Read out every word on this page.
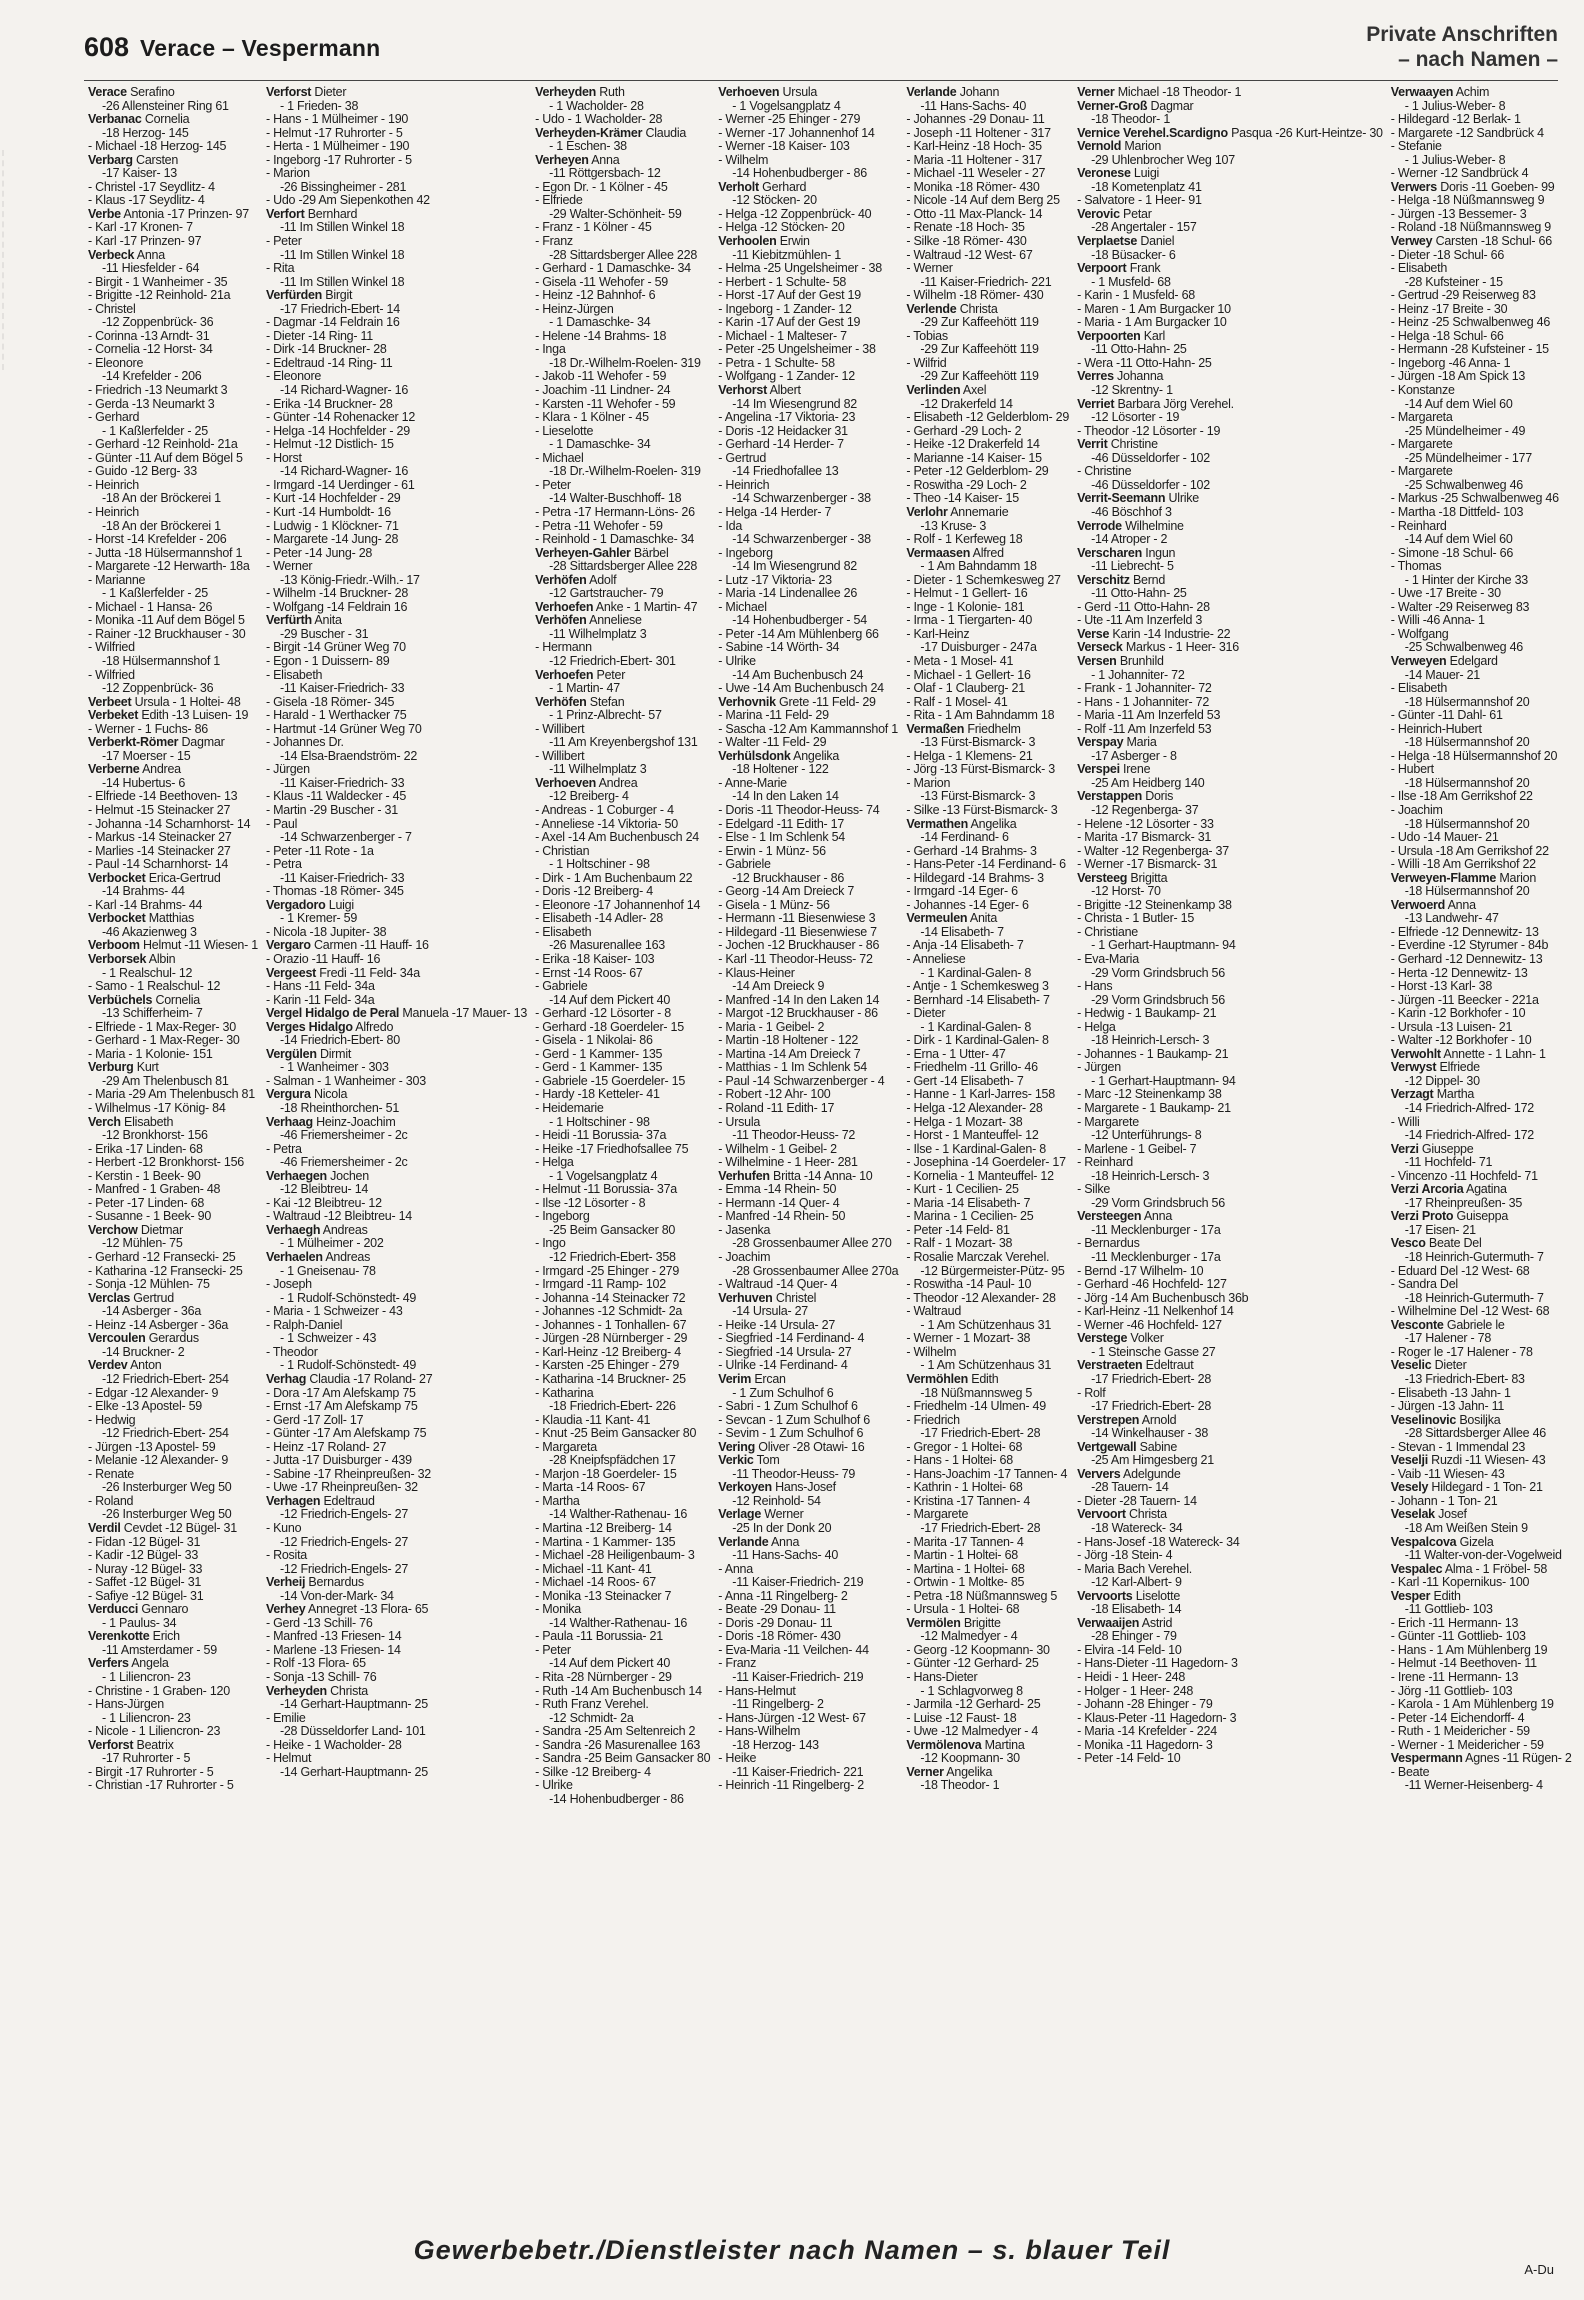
608 Verace – Vespermann
Private Anschriften
– nach Namen –
Verace Serafino
-26 Allensteiner Ring 61
Verbanac Cornelia
-18 Herzog- 145
- Michael -18 Herzog- 145
Verbarg Carsten
-17 Kaiser- 13
- Christel -17 Seydlitz- 4
- Klaus -17 Seydlitz- 4
Verbe Antonia -17 Prinzen- 97
- Karl -17 Kronen- 7
- Karl -17 Prinzen- 97
Verbeck Anna
-11 Hiesfelder - 64
- Birgit - 1 Wanheimer - 35
- Brigitte -12 Reinhold- 21a
- Christel
-12 Zoppenbrück- 36
- Corinna -13 Arndt- 31
- Cornelia -12 Horst- 34
- Eleonore
-14 Krefelder - 206
- Friedrich -13 Neumarkt 3
- Gerda -13 Neumarkt 3
- Gerhard
- 1 Kaßlerfelder - 25
- Gerhard -12 Reinhold- 21a
- Günter -11 Auf dem Bögel 5
- Guido -12 Berg- 33
- Heinrich
-18 An der Bröckerei 1
- Heinrich
-18 An der Bröckerei 1
- Horst -14 Krefelder - 206
- Jutta -18 Hülsermannshof 1
- Margarete -12 Herwarth- 18a
- Marianne
- 1 Kaßlerfelder - 25
- Michael - 1 Hansa- 26
- Monika -11 Auf dem Bögel 5
- Rainer -12 Bruckhauser - 30
- Wilfried
-18 Hülsermannshof 1
- Wilfried
-12 Zoppenbrück- 36
Verbeet Ursula - 1 Holtei- 48
Verbeket Edith -13 Luisen- 19
- Werner - 1 Fuchs- 86
Verberkt-Römer Dagmar
-17 Moerser - 15
Verberne Andrea
-14 Hubertus- 6
- Elfriede -14 Beethoven- 13
- Helmut -15 Steinacker 27
- Johanna -14 Scharnhorst- 14
- Markus -14 Steinacker 27
- Marlies -14 Steinacker 27
- Paul -14 Scharnhorst- 14
Verbocket Erica-Gertrud
-14 Brahms- 44
- Karl -14 Brahms- 44
Verbocket Matthias
-46 Akazienweg 3
Verboom Helmut -11 Wiesen- 1
Verborsek Albin
- 1 Realschul- 12
- Samo - 1 Realschul- 12
Verbüchels Cornelia
-13 Schifferheim- 7
- Elfriede - 1 Max-Reger- 30
- Gerhard - 1 Max-Reger- 30
- Maria - 1 Kolonie- 151
Verburg Kurt
-29 Am Thelenbusch 81
- Maria -29 Am Thelenbusch 81
- Wilhelmus -17 König- 84
Verch Elisabeth
-12 Bronkhorst- 156
- Erika -17 Linden- 68
- Herbert -12 Bronkhorst- 156
- Kerstin - 1 Beek- 90
- Manfred - 1 Graben- 48
- Peter -17 Linden- 68
- Susanne - 1 Beek- 90
Verchow Dietmar
-12 Mühlen- 75
- Gerhard -12 Fransecki- 25
- Katharina -12 Fransecki- 25
- Sonja -12 Mühlen- 75
Verclas Gertrud
-14 Asberger - 36a
- Heinz -14 Asberger - 36a
Vercoulen Gerardus
-14 Bruckner- 2
Verdev Anton
-12 Friedrich-Ebert- 254
- Edgar -12 Alexander- 9
- Elke -13 Apostel- 59
- Hedwig
-12 Friedrich-Ebert- 254
- Jürgen -13 Apostel- 59
- Melanie -12 Alexander- 9
- Renate
-26 Insterburger Weg 50
- Roland
-26 Insterburger Weg 50
Verdil Cevdet -12 Bügel- 31
- Fidan -12 Bügel- 31
- Kadir -12 Bügel- 33
- Nuray -12 Bügel- 33
- Saffet -12 Bügel- 31
- Safiye -12 Bügel- 31
Verducci Gennaro
- 1 Paulus- 34
Verenkotte Erich
-11 Amsterdamer - 59
Verfers Angela
- 1 Liliencron- 23
- Christine - 1 Graben- 120
- Hans-Jürgen
- 1 Liliencron- 23
- Nicole - 1 Liliencron- 23
Verforst Beatrix
-17 Ruhrorter - 5
- Birgit -17 Ruhrorter - 5
- Christian -17 Ruhrorter - 5
Verforst Dieter
- 1 Frieden- 38
- Hans - 1 Mülheimer - 190
- Helmut -17 Ruhrorter - 5
- Herta - 1 Mülheimer - 190
- Ingeborg -17 Ruhrorter - 5
- Marion
-26 Bissingheimer - 281
- Udo -29 Am Siepenkothen 42
Verfort Bernhard
-11 Im Stillen Winkel 18
- Peter
-11 Im Stillen Winkel 18
- Rita
-11 Im Stillen Winkel 18
Verfürden Birgit
-17 Friedrich-Ebert- 14
- Dagmar -14 Feldrain 16
- Dieter -14 Ring- 11
- Dirk -14 Bruckner- 28
- Edeltraud -14 Ring- 11
- Eleonore
-14 Richard-Wagner- 16
- Erika -14 Bruckner- 28
- Günter -14 Rohenacker 12
- Helga -14 Hochfelder - 29
- Helmut -12 Distlich- 15
- Horst
-14 Richard-Wagner- 16
- Irmgard -14 Uerdinger - 61
- Kurt -14 Hochfelder - 29
- Kurt -14 Humboldt- 16
- Ludwig - 1 Klöckner- 71
- Margarete -14 Jung- 28
- Peter -14 Jung- 28
- Werner
-13 König-Friedr.-Wilh.- 17
- Wilhelm -14 Bruckner- 28
- Wolfgang -14 Feldrain 16
Verfürth Anita
-29 Buscher - 31
- Birgit -14 Grüner Weg 70
- Egon - 1 Duissern- 89
- Elisabeth
-11 Kaiser-Friedrich- 33
- Gisela -18 Römer- 345
- Harald - 1 Werthacker 75
- Hartmut -14 Grüner Weg 70
- Johannes Dr.
-14 Elsa-Braendström- 22
- Jürgen
-11 Kaiser-Friedrich- 33
- Klaus -11 Waldecker - 45
- Martin -29 Buscher - 31
- Paul
-14 Schwarzenberger - 7
- Peter -11 Rote - 1a
- Petra
-11 Kaiser-Friedrich- 33
- Thomas -18 Römer- 345
Vergadoro Luigi
- 1 Kremer- 59
- Nicola -18 Jupiter- 38
Vergaro Carmen -11 Hauff- 16
- Orazio -11 Hauff- 16
Vergeest Fredi -11 Feld- 34a
- Hans -11 Feld- 34a
- Karin -11 Feld- 34a
Vergel Hidalgo de Peral Manuela -17 Mauer- 13
Verges Hidalgo Alfredo
-14 Friedrich-Ebert- 80
Vergülen Dirmit
- 1 Wanheimer - 303
- Salman - 1 Wanheimer - 303
Vergura Nicola
-18 Rheinthorchen- 51
Verhaag Heinz-Joachim
-46 Friemersheimer - 2c
- Petra
-46 Friemersheimer - 2c
Verhaegen Jochen
-12 Bleibtreu- 14
- Kai -12 Bleibtreu- 12
- Waltraud -12 Bleibtreu- 14
Verhaegh Andreas
- 1 Mülheimer - 202
Verhaelen Andreas
- 1 Gneisenau- 78
- Joseph
- 1 Rudolf-Schönstedt- 49
- Maria - 1 Schweizer - 43
- Ralph-Daniel
- 1 Schweizer - 43
- Theodor
- 1 Rudolf-Schönstedt- 49
Verhag Claudia -17 Roland- 27
- Dora -17 Am Alefskamp 75
- Ernst -17 Am Alefskamp 75
- Gerd -17 Zoll- 17
- Günter -17 Am Alefskamp 75
- Heinz -17 Roland- 27
- Jutta -17 Duisburger - 439
- Sabine -17 Rheinpreußen- 32
- Uwe -17 Rheinpreußen- 32
Verhagen Edeltraud
-12 Friedrich-Engels- 27
- Kuno
-12 Friedrich-Engels- 27
- Rosita
-12 Friedrich-Engels- 27
Verheij Bernardus
-14 Von-der-Mark- 34
Verhey Annegret -13 Flora- 65
- Gerd -13 Schill- 76
- Manfred -13 Friesen- 14
- Marlene -13 Friesen- 14
- Rolf -13 Flora- 65
- Sonja -13 Schill- 76
Verheyden Christa
-14 Gerhart-Hauptmann- 25
- Emilie
-28 Düsseldorfer Land- 101
- Heike - 1 Wacholder- 28
- Helmut
-14 Gerhart-Hauptmann- 25
Verheyden Ruth
- 1 Wacholder- 28
- Udo - 1 Wacholder- 28
Verheyden-Krämer Claudia
- 1 Eschen- 38
Verheyen Anna
-11 Röttgersbach- 12
- Egon Dr. - 1 Kölner - 45
- Elfriede
-29 Walter-Schönheit- 59
- Franz - 1 Kölner - 45
- Franz
-28 Sittardsberger Allee 228
- Gerhard - 1 Damaschke- 34
- Gisela -11 Wehofer - 59
- Heinz -12 Bahnhof- 6
- Heinz-Jürgen
- 1 Damaschke- 34
- Helene -14 Brahms- 18
- Inga
-18 Dr.-Wilhelm-Roelen- 319
- Jakob -11 Wehofer - 59
- Joachim -11 Lindner- 24
- Karsten -11 Wehofer - 59
- Klara - 1 Kölner - 45
- Lieselotte
- 1 Damaschke- 34
- Michael
-18 Dr.-Wilhelm-Roelen- 319
- Peter
-14 Walter-Buschhoff- 18
- Petra -17 Hermann-Löns- 26
- Petra -11 Wehofer - 59
- Reinhold - 1 Damaschke- 34
Verheyen-Gahler Bärbel
-28 Sittardsberger Allee 228
Verhöfen Adolf
-12 Gartstraucher- 79
Verhoefen Anke - 1 Martin- 47
Verhöfen Anneliese
-11 Wilhelmplatz 3
- Hermann
-12 Friedrich-Ebert- 301
Verhoefen Peter
- 1 Martin- 47
Verhöfen Stefan
- 1 Prinz-Albrecht- 57
- Willibert
-11 Am Kreyenbergshof 131
- Willibert
-11 Wilhelmplatz 3
Verhoeven Andrea
-12 Breiberg- 4
- Andreas - 1 Coburger - 4
- Anneliese -14 Viktoria- 50
- Axel -14 Am Buchenbusch 24
- Christian
- 1 Holtschiner - 98
- Dirk - 1 Am Buchenbaum 22
- Doris -12 Breiberg- 4
- Eleonore -17 Johannenhof 14
- Elisabeth -14 Adler- 28
- Elisabeth
-26 Masurenallee 163
- Erika -18 Kaiser- 103
- Ernst -14 Roos- 67
- Gabriele
-14 Auf dem Pickert 40
- Gerhard -12 Lösorter - 8
- Gerhard -18 Goerdeler- 15
- Gisela - 1 Nikolai- 86
- Gerd - 1 Kammer- 135
- Gerd - 1 Kammer- 135
- Gabriele -15 Goerdeler- 15
- Hardy -18 Ketteler- 41
- Heidemarie
- 1 Holtschiner - 98
- Heidi -11 Borussia- 37a
- Heike -17 Friedhofsallee 75
- Helga
- 1 Vogelsangplatz 4
- Helmut -11 Borussia- 37a
- Ilse -12 Lösorter - 8
- Ingeborg
-25 Beim Gansacker 80
- Ingo
-12 Friedrich-Ebert- 358
- Irmgard -25 Ehinger - 279
- Irmgard -11 Ramp- 102
- Johanna -14 Steinacker 72
- Johannes -12 Schmidt- 2a
- Johannes - 1 Tonhallen- 67
- Jürgen -28 Nürnberger - 29
- Karl-Heinz -12 Breiberg- 4
- Karsten -25 Ehinger - 279
- Katharina -14 Bruckner- 25
- Katharina
-18 Friedrich-Ebert- 226
- Klaudia -11 Kant- 41
- Knut -25 Beim Gansacker 80
- Margareta
-28 Kneipfspfädchen 17
- Marjon -18 Goerdeler- 15
- Marta -14 Roos- 67
- Martha
-14 Walther-Rathenau- 16
- Martina -12 Breiberg- 14
- Martina - 1 Kammer- 135
- Michael -28 Heiligenbaum- 3
- Michael -11 Kant- 41
- Michael -14 Roos- 67
- Monika -13 Steinacker 7
- Monika
-14 Walther-Rathenau- 16
- Paula -11 Borussia- 21
- Peter
-14 Auf dem Pickert 40
- Rita -28 Nürnberger - 29
- Ruth -14 Am Buchenbusch 14
- Ruth Franz Verehel.
-12 Schmidt- 2a
- Sandra -25 Am Seltenreich 2
- Sandra -26 Masurenallee 163
- Sandra -25 Beim Gansacker 80
- Silke -12 Breiberg- 4
- Ulrike
-14 Hohenbudberger - 86
Verhoeven Ursula
- 1 Vogelsangplatz 4
- Werner -25 Ehinger - 279
- Werner -17 Johannenhof 14
- Werner -18 Kaiser- 103
- Wilhelm
-14 Hohenbudberger - 86
Verholt Gerhard
-12 Stöcken- 20
- Helga -12 Zoppenbrück- 40
- Helga -12 Stöcken- 20
Verhoolen Erwin
-11 Kiebitzmühlen- 1
- Helma -25 Ungelsheimer - 38
- Herbert - 1 Schulte- 58
- Horst -17 Auf der Gest 19
- Ingeborg - 1 Zander- 12
- Karin -17 Auf der Gest 19
- Michael - 1 Malteser- 7
- Peter -25 Ungelsheimer - 38
- Petra - 1 Schulte- 58
- Wolfgang - 1 Zander- 12
Verhorst Albert
-14 Im Wiesengrund 82
- Angelina -17 Viktoria- 23
- Doris -12 Heidacker 31
- Gerhard -14 Herder- 7
- Gertrud
-14 Friedhofallee 13
- Heinrich
-14 Schwarzenberger - 38
- Helga -14 Herder- 7
- Ida
-14 Schwarzenberger - 38
- Ingeborg
-14 Im Wiesengrund 82
- Lutz -17 Viktoria- 23
- Maria -14 Lindenallee 26
- Michael
-14 Hohenbudberger - 54
- Peter -14 Am Mühlenberg 66
- Sabine -14 Wörth- 34
- Ulrike
-14 Am Buchenbusch 24
- Uwe -14 Am Buchenbusch 24
Verhovnik Grete -11 Feld- 29
- Marina -11 Feld- 29
- Sascha -12 Am Kammannshof 1
- Walter -11 Feld- 29
Verhülsdonk Angelika
-18 Holtener - 122
- Anne-Marie
-14 In den Laken 14
- Doris -11 Theodor-Heuss- 74
- Edelgard -11 Edith- 17
- Else - 1 Im Schlenk 54
- Erwin - 1 Münz- 56
- Gabriele
-12 Bruckhauser - 86
- Georg -14 Am Dreieck 7
- Gisela - 1 Münz- 56
- Hermann -11 Biesenwiese 3
- Hildegard -11 Biesenwiese 7
- Jochen -12 Bruckhauser - 86
- Karl -11 Theodor-Heuss- 72
- Klaus-Heiner
-14 Am Dreieck 9
- Manfred -14 In den Laken 14
- Margot -12 Bruckhauser - 86
- Maria - 1 Geibel- 2
- Martin -18 Holtener - 122
- Martina -14 Am Dreieck 7
- Matthias - 1 Im Schlenk 54
- Paul -14 Schwarzenberger - 4
- Robert -12 Ahr- 100
- Roland -11 Edith- 17
- Ursula
-11 Theodor-Heuss- 72
- Wilhelm - 1 Geibel- 2
- Wilhelmine - 1 Heer- 281
Verhufen Britta -14 Anna- 10
- Emma -14 Rhein- 50
- Hermann -14 Quer- 4
- Manfred -14 Rhein- 50
- Jasenka
-28 Grossenbaumer Allee 270
- Joachim
-28 Grossenbaumer Allee 270a
- Waltraud -14 Quer- 4
Verhuven Christel
-14 Ursula- 27
- Heike -14 Ursula- 27
- Siegfried -14 Ferdinand- 4
- Siegfried -14 Ursula- 27
- Ulrike -14 Ferdinand- 4
Verim Ercan
- 1 Zum Schulhof 6
- Sabri - 1 Zum Schulhof 6
- Sevcan - 1 Zum Schulhof 6
- Sevim - 1 Zum Schulhof 6
Vering Oliver -28 Otawi- 16
Verkic Tom
-11 Theodor-Heuss- 79
Verkoyen Hans-Josef
-12 Reinhold- 54
Verlage Werner
-25 In der Donk 20
Verlande Anna
-11 Hans-Sachs- 40
- Anna
-11 Kaiser-Friedrich- 219
- Anna -11 Ringelberg- 2
- Beate -29 Donau- 11
- Doris -29 Donau- 11
- Doris -18 Römer- 430
- Eva-Maria -11 Veilchen- 44
- Franz
-11 Kaiser-Friedrich- 219
- Hans-Helmut
-11 Ringelberg- 2
- Hans-Jürgen -12 West- 67
- Hans-Wilhelm
-18 Herzog- 143
- Heike
-11 Kaiser-Friedrich- 221
- Heinrich -11 Ringelberg- 2
Verlande Johann
-11 Hans-Sachs- 40
- Johannes -29 Donau- 11
- Joseph -11 Holtener - 317
- Karl-Heinz -18 Hoch- 35
- Maria -11 Holtener - 317
- Michael -11 Weseler - 27
- Monika -18 Römer- 430
- Nicole -14 Auf dem Berg 25
- Otto -11 Max-Planck- 14
- Renate -18 Hoch- 35
- Silke -18 Römer- 430
- Waltraud -12 West- 67
- Werner
-11 Kaiser-Friedrich- 221
- Wilhelm -18 Römer- 430
Verlende Christa
-29 Zur Kaffeehött 119
- Tobias
-29 Zur Kaffeehött 119
- Wilfrid
-29 Zur Kaffeehött 119
Verlinden Axel
-12 Drakerfeld 14
- Elisabeth -12 Gelderblom- 29
- Gerhard -29 Loch- 2
- Heike -12 Drakerfeld 14
- Marianne -14 Kaiser- 15
- Peter -12 Gelderblom- 29
- Roswitha -29 Loch- 2
- Theo -14 Kaiser- 15
Verlohr Annemarie
-13 Kruse- 3
- Rolf - 1 Kerfeweg 18
Vermaasen Alfred
- 1 Am Bahndamm 18
- Dieter - 1 Schemkesweg 27
- Helmut - 1 Gellert- 16
- Inge - 1 Kolonie- 181
- Irma - 1 Tiergarten- 40
- Karl-Heinz
-17 Duisburger - 247a
- Meta - 1 Mosel- 41
- Michael - 1 Gellert- 16
- Olaf - 1 Clauberg- 21
- Ralf - 1 Mosel- 41
- Rita - 1 Am Bahndamm 18
Vermaßen Friedhelm
-13 Fürst-Bismarck- 3
- Helga - 1 Klemens- 21
- Jörg -13 Fürst-Bismarck- 3
- Marion
-13 Fürst-Bismarck- 3
- Silke -13 Fürst-Bismarck- 3
Vermathen Angelika
-14 Ferdinand- 6
- Gerhard -14 Brahms- 3
- Hans-Peter -14 Ferdinand- 6
- Hildegard -14 Brahms- 3
- Irmgard -14 Eger- 6
- Johannes -14 Eger- 6
Vermeulen Anita
-14 Elisabeth- 7
- Anja -14 Elisabeth- 7
- Anneliese
- 1 Kardinal-Galen- 8
- Antje - 1 Schemkesweg 3
- Bernhard -14 Elisabeth- 7
- Dieter
- 1 Kardinal-Galen- 8
- Dirk - 1 Kardinal-Galen- 8
- Erna - 1 Utter- 47
- Friedhelm -11 Grillo- 46
- Gert -14 Elisabeth- 7
- Hanne - 1 Karl-Jarres- 158
- Helga -12 Alexander- 28
- Helga - 1 Mozart- 38
- Horst - 1 Manteuffel- 12
- Ilse - 1 Kardinal-Galen- 8
- Josephina -14 Goerdeler- 17
- Kornelia - 1 Manteuffel- 12
- Kurt - 1 Cecilien- 25
- Maria -14 Elisabeth- 7
- Marina - 1 Cecilien- 25
- Peter -14 Feld- 81
- Ralf - 1 Mozart- 38
- Rosalie Marczak Verehel.
-12 Bürgermeister-Pütz- 95
- Roswitha -14 Paul- 10
- Theodor -12 Alexander- 28
- Waltraud
- 1 Am Schützenhaus 31
- Werner - 1 Mozart- 38
- Wilhelm
- 1 Am Schützenhaus 31
Vermöhlen Edith
-18 Nüßmannsweg 5
- Friedhelm -14 Ulmen- 49
- Friedrich
-17 Friedrich-Ebert- 28
- Gregor - 1 Holtei- 68
- Hans - 1 Holtei- 68
- Hans-Joachim -17 Tannen- 4
- Kathrin - 1 Holtei- 68
- Kristina -17 Tannen- 4
- Margarete
-17 Friedrich-Ebert- 28
- Marita -17 Tannen- 4
- Martin - 1 Holtei- 68
- Martina - 1 Holtei- 68
- Ortwin - 1 Moltke- 85
- Petra -18 Nüßmannsweg 5
- Ursula - 1 Holtei- 68
Vermölen Brigitte
-12 Malmedyer - 4
- Georg -12 Koopmann- 30
- Günter -12 Gerhard- 25
- Hans-Dieter
- 1 Schlagvorweg 8
- Jarmila -12 Gerhard- 25
- Luise -12 Faust- 18
- Uwe -12 Malmedyer - 4
Vermölenova Martina
-12 Koopmann- 30
Verner Angelika
-18 Theodor- 1
Verner Michael -18 Theodor- 1
Verner-Groß Dagmar
-18 Theodor- 1
Vernice Verehel.Scardigno Pasqua -26 Kurt-Heintze- 30
Vernold Marion
-29 Uhlenbrocher Weg 107
Veronese Luigi
-18 Kometenplatz 41
- Salvatore - 1 Heer- 91
Verovic Petar
-28 Angertaler - 157
Verplaetse Daniel
-18 Büsacker- 6
Verpoort Frank
- 1 Musfeld- 68
- Karin - 1 Musfeld- 68
- Maren - 1 Am Burgacker 10
- Maria - 1 Am Burgacker 10
Verpoorten Karl
-11 Otto-Hahn- 25
- Wera -11 Otto-Hahn- 25
Verres Johanna
-12 Skrentny- 1
Verriet Barbara Jörg Verehel.
-12 Lösorter - 19
- Theodor -12 Lösorter - 19
Verrit Christine
-46 Düsseldorfer - 102
- Christine
-46 Düsseldorfer - 102
Verrit-Seemann Ulrike
-46 Böschhof 3
Verrode Wilhelmine
-14 Atroper - 2
Verscharen Ingun
-11 Liebrecht- 5
Verschitz Bernd
-11 Otto-Hahn- 25
- Gerd -11 Otto-Hahn- 28
- Ute -11 Am Inzerfeld 3
Verse Karin -14 Industrie- 22
Verseck Markus - 1 Heer- 316
Versen Brunhild
- 1 Johanniter- 72
- Frank - 1 Johanniter- 72
- Hans - 1 Johanniter- 72
- Maria -11 Am Inzerfeld 53
- Rolf -11 Am Inzerfeld 53
Verspay Maria
-17 Asberger - 8
Verspei Irene
-25 Am Heidberg 140
Verstappen Doris
-12 Regenberga- 37
- Helene -12 Lösorter - 33
- Marita -17 Bismarck- 31
- Walter -12 Regenberga- 37
- Werner -17 Bismarck- 31
Versteeg Brigitta
-12 Horst- 70
- Brigitte -12 Steinenkamp 38
- Christa - 1 Butler- 15
- Christiane
- 1 Gerhart-Hauptmann- 94
- Eva-Maria
-29 Vorm Grindsbruch 56
- Hans
-29 Vorm Grindsbruch 56
- Hedwig - 1 Baukamp- 21
- Helga
-18 Heinrich-Lersch- 3
- Johannes - 1 Baukamp- 21
- Jürgen
- 1 Gerhart-Hauptmann- 94
- Marc -12 Steinenkamp 38
- Margarete - 1 Baukamp- 21
- Margarete
-12 Unterführungs- 8
- Marlene - 1 Geibel- 7
- Reinhard
-18 Heinrich-Lersch- 3
- Silke
-29 Vorm Grindsbruch 56
Versteegen Anna
-11 Mecklenburger - 17a
- Bernardus
-11 Mecklenburger - 17a
- Bernd -17 Wilhelm- 10
- Gerhard -46 Hochfeld- 127
- Jörg -14 Am Buchenbusch 36b
- Karl-Heinz -11 Nelkenhof 14
- Werner -46 Hochfeld- 127
Verstege Volker
- 1 Steinsche Gasse 27
Verstraeten Edeltraut
-17 Friedrich-Ebert- 28
- Rolf
-17 Friedrich-Ebert- 28
Verstrepen Arnold
-14 Winkelhauser - 38
Vertgewall Sabine
-25 Am Himgesberg 21
Ververs Adelgunde
-28 Tauern- 14
- Dieter -28 Tauern- 14
Vervoort Christa
-18 Watereck- 34
- Hans-Josef -18 Watereck- 34
- Jörg -18 Stein- 4
- Maria Bach Verehel.
-12 Karl-Albert- 9
Vervoorts Liselotte
-18 Elisabeth- 14
Verwaaijen Astrid
-28 Ehinger - 79
- Elvira -14 Feld- 10
- Hans-Dieter -11 Hagedorn- 3
- Heidi - 1 Heer- 248
- Holger - 1 Heer- 248
- Johann -28 Ehinger - 79
- Klaus-Peter -11 Hagedorn- 3
- Maria -14 Krefelder - 224
- Monika -11 Hagedorn- 3
- Peter -14 Feld- 10
Verwaayen Achim
- 1 Julius-Weber- 8
- Hildegard -12 Berlak- 1
- Margarete -12 Sandbrück 4
- Stefanie
- 1 Julius-Weber- 8
- Werner -12 Sandbrück 4
Verwers Doris -11 Goeben- 99
- Helga -18 Nüßmannsweg 9
- Jürgen -13 Bessemer- 3
- Roland -18 Nüßmannsweg 9
Verwey Carsten -18 Schul- 66
- Dieter -18 Schul- 66
- Elisabeth
-28 Kufsteiner - 15
- Gertrud -29 Reiserweg 83
- Heinz -17 Breite - 30
- Heinz -25 Schwalbenweg 46
- Helga -18 Schul- 66
- Hermann -28 Kufsteiner - 15
- Ingeborg -46 Anna- 1
- Jürgen -18 Am Spick 13
- Konstanze
-14 Auf dem Wiel 60
- Margareta
-25 Mündelheimer - 49
- Margarete
-25 Mündelheimer - 177
- Margarete
-25 Schwalbenweg 46
- Markus -25 Schwalbenweg 46
- Martha -18 Dittfeld- 103
- Reinhard
-14 Auf dem Wiel 60
- Simone -18 Schul- 66
- Thomas
- 1 Hinter der Kirche 33
- Uwe -17 Breite - 30
- Walter -29 Reiserweg 83
- Willi -46 Anna- 1
- Wolfgang
-25 Schwalbenweg 46
Verweyen Edelgard
-14 Mauer- 21
- Elisabeth
-18 Hülsermannshof 20
- Günter -11 Dahl- 61
- Heinrich-Hubert
-18 Hülsermannshof 20
- Helga -18 Hülsermannshof 20
- Hubert
-18 Hülsermannshof 20
- Ilse -18 Am Gerrikshof 22
- Joachim
-18 Hülsermannshof 20
- Udo -14 Mauer- 21
- Ursula -18 Am Gerrikshof 22
- Willi -18 Am Gerrikshof 22
Verweyen-Flamme Marion
-18 Hülsermannshof 20
Verwoerd Anna
-13 Landwehr- 47
- Elfriede -12 Dennewitz- 13
- Everdine -12 Styrumer - 84b
- Gerhard -12 Dennewitz- 13
- Herta -12 Dennewitz- 13
- Horst -13 Karl- 38
- Jürgen -11 Beecker - 221a
- Karin -12 Borkhofer - 10
- Ursula -13 Luisen- 21
- Walter -12 Borkhofer - 10
Verwohlt Annette - 1 Lahn- 1
Verwyst Elfriede
-12 Dippel- 30
Verzagt Martha
-14 Friedrich-Alfred- 172
- Willi
-14 Friedrich-Alfred- 172
Verzi Giuseppe
-11 Hochfeld- 71
- Vincenzo -11 Hochfeld- 71
Verzi Arcoria Agatina
-17 Rheinpreußen- 35
Verzi Proto Guiseppa
-17 Eisen- 21
Vesco Beate Del
-18 Heinrich-Gutermuth- 7
- Eduard Del -12 West- 68
- Sandra Del
-18 Heinrich-Gutermuth- 7
- Wilhelmine Del -12 West- 68
Vesconte Gabriele le
-17 Halener - 78
- Roger le -17 Halener - 78
Veselic Dieter
-13 Friedrich-Ebert- 83
- Elisabeth -13 Jahn- 1
- Jürgen -13 Jahn- 11
Veselinovic Bosiljka
-28 Sittardsberger Allee 46
- Stevan - 1 Immendal 23
Veselji Ruzdi -11 Wiesen- 43
- Vaib -11 Wiesen- 43
Vesely Hildegard - 1 Ton- 21
- Johann - 1 Ton- 21
Veselak Josef
-18 Am Weißen Stein 9
Vespalcova Gizela
-11 Walter-von-der-Vogelweid
Vespalec Alma - 1 Fröbel- 58
- Karl -11 Kopernikus- 100
Vesper Edith
-11 Gottlieb- 103
- Erich -11 Hermann- 13
- Günter -11 Gottlieb- 103
- Hans - 1 Am Mühlenberg 19
- Helmut -14 Beethoven- 11
- Irene -11 Hermann- 13
- Jörg -11 Gottlieb- 103
- Karola - 1 Am Mühlenberg 19
- Peter -14 Eichendorff- 4
- Ruth - 1 Meidericher - 59
- Werner - 1 Meidericher - 59
Vespermann Agnes -11 Rügen- 2
- Beate
-11 Werner-Heisenberg- 4
Gewerbebetr./Dienstleister nach Namen – s. blauer Teil
A-Du
